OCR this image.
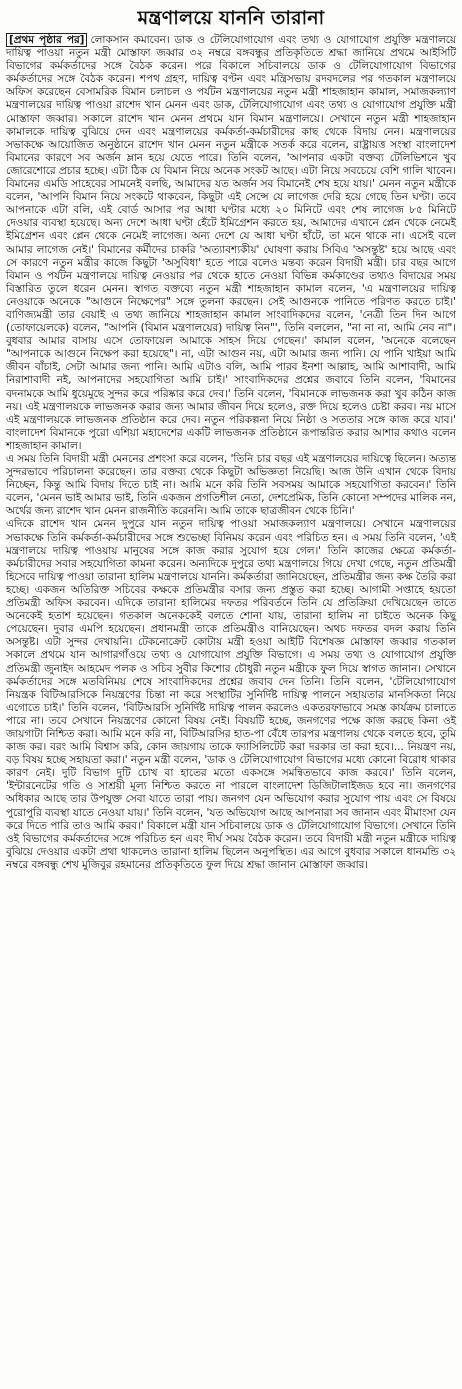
মন্ত্রণালয়ে যাননি তারানা

[প্রথম পৃষ্ঠার পর] লোকসান কমাবেন। ডাক ও টেলিযোগাযোগ এবং তথ্য ও যোগাযোগ প্রযুক্তি মন্ত্রণালয়ে দায়িত্ব পাওয়া নতুন মন্ত্রী মোস্তাফা জব্বার ৩২ নম্বরে বঙ্গবন্ধুর প্রতিকৃতিতে শ্রদ্ধা জানিয়ে প্রথমে আইসিটি বিভাগের কর্মকর্তাদের সঙ্গে বৈঠক করেন। পরে বিকালে সচিবালয়ে ডাক ও টেলিযোগাযোগ বিভাগের কর্মকর্তাদের সঙ্গে বৈঠক করেন। শপথ গ্রহণ, দায়িত্ব বণ্টন এবং মন্ত্রিসভায় রদবদলের পর গতকাল মন্ত্রণালয়ে অফিস করেছেন বেসামরিক বিমান চলাচল ও পর্যটন মন্ত্রণালয়ের নতুন মন্ত্রী শাহজাহান কামাল, সমাজকল্যাণ মন্ত্রণালয়ের দায়িত্ব পাওয়া রাশেদ খান মেনন এবং ডাক, টেলিযোগাযোগ এবং তথ্য ও যোগাযোগ প্রযুক্তি মন্ত্রী মোস্তাফা জব্বার। সকালে রাশেদ খান মেনন প্রথমে যান বিমান মন্ত্রণালয়ে। সেখানে নতুন মন্ত্রী শাহজাহান কামালকে দায়িত্ব বুঝিয়ে দেন এবং মন্ত্রণালয়ের কর্মকর্তা-কর্মচারীদের কাছ থেকে বিদায় নেন। মন্ত্রণালয়ের সভাকক্ষে আয়োজিত অনুষ্ঠানে রাশেদ খান মেনন নতুন মন্ত্রীকে সতর্ক করে বলেন, রাষ্ট্রায়ত্ত সংস্থা বাংলাদেশ বিমানের কারণে সব অর্জন ম্লান হয়ে যেতে পারে। তিনি বলেন, 'আপনার একটা বক্তব্য টেলিভিশনে খুব জোরেশোরে প্রচার হচ্ছে। এটা ঠিক যে বিমান নিয়ে অনেক সংকট আছে। এটা নিয়ে সবচেয়ে বেশি গালি খাবেন। বিমানের এমডি সাহেবের সামনেই বলছি, আমাদের যত অর্জন সব বিমানেই শেষ হয়ে যায়।' মেনন নতুন মন্ত্রীকে বলেন, 'আপনি বিমান নিয়ে সংকটে থাকবেন, কিছুটা এই সেন্সে যে লাগেজ দেরি হয়ে গেছে তিন ঘণ্টা। তবে আপনাকে এটা বলি, এই বোর্ড আসার পর আধা ঘণ্টার মধ্যে ২০ মিনিটে এবং শেষ লাগেজ ৮৫ মিনিটে দেওয়ার ব্যবস্থা হয়েছে। অন্য দেশে আধা ঘণ্টা হেঁটে ইমিগ্রেশন করতে হয়, আমাদের এখানে প্লেন থেকে নেমেই ইমিগ্রেশন এবং প্লেন থেকে নেমেই লাগেজ। অন্য দেশে যে আধা ঘণ্টা হাঁটে, তা মনে থাকে না। এসেই বলে আমার লাগেজ নেই।' বিমানের কর্মীদের চাকরি 'অত্যাবশ্যকীয়' ঘোষণা করায় সিবিএ 'অসন্তুষ্ট' হয়ে আছে এবং সে কারণে নতুন মন্ত্রীর কাজে কিছুটা 'অসুবিধা' হতে পারে বলেও মন্তব্য করেন বিদায়ী মন্ত্রী। চার বছর আগে বিমান ও পর্যটন মন্ত্রণালয়ে দায়িত্ব নেওয়ার পর থেকে হাতে নেওয়া বিভিন্ন কর্মকাণ্ডের তথ্যও বিদায়ের সময় বিস্তারিত তুলে ধরেন মেনন। স্বাগত বক্তব্যে নতুন মন্ত্রী শাহজাহান কামাল বলেন, 'এ মন্ত্রণালয়ের দায়িত্ব নেওয়াকে অনেকে "আগুনে নিক্ষেপের" সঙ্গে তুলনা করছেন। সেই আগুনকে পানিতে পরিণত করতে চাই।' বাণিজ্যমন্ত্রী তার বেয়াই এ তথ্য জানিয়ে শাহজাহান কামাল সাংবাদিকদের বলেন, 'নেত্রী তিন দিন আগে (তোফায়েলকে) বলেন, "আপনি (বিমান মন্ত্রণালয়ের) দায়িত্ব নিন"', তিনি বললেন, "না না না, আমি নেব না"। বুধবার আমার বাসায় এসে তোফায়েল আমাকে সাহস দিয়ে গেছেন।' কামাল বলেন, 'অনেকে বলেছেন "আপনাকে আগুনে নিক্ষেপ করা হয়েছে"। না, এটা আগুন নয়, এটা আমার জন্য পানি। যে পানি খাইয়া আমি জীবন বাঁচাই, সেটা আমার জন্য পানি। আমি এটাও বলি, আমি পারব ইনশা আল্লাহ, আমি আশাবাদী, আমি নিরাশাবাদী নই, আপনাদের সহযোগিতা আমি চাই।' সাংবাদিকদের প্রশ্নের জবাবে তিনি বলেন, 'বিমানের বদনামকে আমি ধুয়েমুছে সুন্দর করে পরিষ্কার করে দেব।' তিনি বলেন, 'বিমানকে লাভজনক করা খুব কঠিন কাজ নয়। এই মন্ত্রণালয়কে লাভজনক করার জন্য আমার জীবন দিয়ে হলেও, রক্ত দিয়ে হলেও চেষ্টা করব। নয় মাসে এই মন্ত্রণালয়কে লাভজনক প্রতিষ্ঠান করে দেব। নতুন পরিকল্পনা নিয়ে নিষ্ঠা ও সততার সঙ্গে কাজ করে যাব।' বাংলাদেশ বিমানকে পুরো এশিয়া মহাদেশের একটি লাভজনক প্রতিষ্ঠানে রূপান্তরিত করার আশার কথাও বলেন শাহজাহান কামাল।

এ সময় তিনি বিদায়ী মন্ত্রী মেননের প্রশংসা করে বলেন, 'তিনি চার বছর এই মন্ত্রণালয়ের দায়িত্বে ছিলেন। অত্যন্ত সুন্দরভাবে পরিচালনা করেছেন। তার বক্তব্য থেকে কিছুটা অভিজ্ঞতা নিয়েছি। আজ উনি এখান থেকে বিদায় নিচ্ছেন, কিন্তু আমি বিদায় দিতে চাই না। আমি মনে করি তিনি সবসময় আমাকে সহযোগিতা করবেন।' তিনি বলেন, 'মেনন ভাই আমার ভাই, তিনি একজন প্রগতিশীল নেতা, দেশপ্রেমিক, তিনি কোনো সম্পদের মালিক নন, অর্থের জন্য রাশেদ খান মেনন রাজনীতি করেননি। আমি তাকে ছাত্রজীবন থেকে চিনি।'

এদিকে রাশেদ খান মেনন দুপুরে যান নতুন দায়িত্ব পাওয়া সমাজকল্যাণ মন্ত্রণালয়ে। সেখানে মন্ত্রণালয়ের সভাকক্ষে তিনি কর্মকর্তা-কর্মচারীদের সঙ্গে শুভেচ্ছা বিনিময় করেন এবং পরিচিত হন। এ সময় তিনি বলেন, 'এই মন্ত্রণালয়ে দায়িত্ব পাওয়ায় মানুষের সঙ্গে কাজ করার সুযোগ হয়ে গেল।' তিনি কাজের ক্ষেত্রে কর্মকর্তা-কর্মচারীদের সবার সহযোগিতা কামনা করেন। অন্যদিকে দুপুরে তথ্য মন্ত্রণালয়ে গিয়ে দেখা গেছে, নতুন প্রতিমন্ত্রী হিসেবে দায়িত্ব পাওয়া তারানা হালিম মন্ত্রণালয়ে যাননি। কর্মকর্তারা জানিয়েছেন, প্রতিমন্ত্রীর জন্য কক্ষ তৈরি করা হচ্ছে। একজন অতিরিক্ত সচিবের কক্ষকে প্রতিমন্ত্রীর বসার জন্য প্রস্তুত করা হচ্ছে। আগামী সপ্তাহে হয়তো প্রতিমন্ত্রী অফিস করবেন। এদিকে তারানা হালিমের দফতর পরিবর্তনে তিনি যে প্রতিক্রিয়া দেখিয়েছেন তাতে অনেকেই হতাশ হয়েছেন। গতকাল অনেককেই বলতে শোনা যায়, তারানা হালিম না চাইতে অনেক কিছু পেয়েছেন। দুবার এমপি হয়েছেন। প্রধানমন্ত্রী তাকে প্রতিমন্ত্রীও বানিয়েছেন। অথচ দফতর বদল করায় তিনি অসন্তুষ্ট। এটা সুন্দর দেখায়নি। টেকনোক্রেট কোটায় মন্ত্রী হওয়া আইটি বিশেষজ্ঞ মোস্তাফা জব্বার গতকাল সকালে প্রথমে যান আগারগাঁওয়ে তথ্য ও যোগাযোগ প্রযুক্তি বিভাগে। এ সময় তথ্য ও যোগাযোগ প্রযুক্তি প্রতিমন্ত্রী জুনাইদ আহমেদ পলক ও সচিব সুবীর কিশোর চৌধুরী নতুন মন্ত্রীকে ফুল দিয়ে স্বাগত জানান। সেখানে কর্মকর্তাদের সঙ্গে মতবিনিময় শেষে সাংবাদিকদের প্রশ্নের জবাব দেন তিনি। তিনি বলেন, 'টেলিযোগাযোগ নিয়ন্ত্রক বিটিআরসিকে নিয়ন্ত্রণের চিন্তা না করে সংস্থাটির সুনির্দিষ্ট দায়িত্ব পালনে সহায়তার মানসিকতা নিয়ে এগোতে চাই।' তিনি বলেন, 'বিটিআরসি সুনির্দিষ্ট দায়িত্ব পালন করলেও একতরফাভাবে সমস্ত কার্যক্রম চালাতে পারে না। তবে সেখানে নিয়ন্ত্রণের কোনো বিষয় নেই। বিষয়টি হচ্ছে, জনগণের পক্ষে কাজ করছে কিনা ওই জায়গাটা নিশ্চিত করা। আমি মনে করি না, বিটিআরসির হাত-পা বেঁধে তারপর মন্ত্রণালয় থেকে বলতে হবে, তুমি কাজ কর। বরং আমি বিশ্বাস করি, কোন জায়গায় তাকে ফ্যাসিলিটেট করা দরকার তা করা হবে।... নিয়ন্ত্রণ নয়, বড় বিষয় হচ্ছে সহায়তা করা।' নতুন মন্ত্রী বলেন, 'ডাক ও টেলিযোগাযোগ বিভাগের মধ্যে কোনো বিরোধ থাকার কারণ নেই। দুটি বিভাগ দুটি চোখ বা হাতের মতো একসঙ্গে সমন্বিতভাবে কাজ করবে।' তিনি বলেন, 'ইন্টারনেটের গতি ও সাশ্রয়ী মূল্য নিশ্চিত করতে না পারলে বাংলাদেশ ডিজিটালাইজড হবে না। জনগণের অধিকার আছে তার উপযুক্ত সেবা যাতে তারা পায়। জনগণ যেন অভিযোগ করার সুযোগ পায় এবং সে বিষয়ে পুরোপুরি ব্যবস্থা যাতে নেওয়া যায়।' তিনি বলেন, 'যত অভিযোগ আছে আপনারা সব জানান এবং মীমাংসা যেন করে দিতে পারি তাও আমি করব।' বিকালে মন্ত্রী যান সচিবালয়ে ডাক ও টেলিযোগাযোগ বিভাগে। সেখানে তিনি ওই বিভাগের কর্মকর্তাদের সঙ্গে পরিচিত হন এবং দীর্ঘ সময় বৈঠক করেন। তবে বিদায়ী মন্ত্রী নতুন মন্ত্রীকে দায়িত্ব বুঝিয়ে দেওয়ার একটা প্রথা থাকলেও তারানা হালিম ছিলেন অনুপস্থিত। এর আগে বুধবার সকালে ধানমন্ডি ৩২ নম্বরে বঙ্গবন্ধু শেখ মুজিবুর রহমানের প্রতিকৃতিতে ফুল দিয়ে শ্রদ্ধা জানান মোস্তাফা জব্বার।
